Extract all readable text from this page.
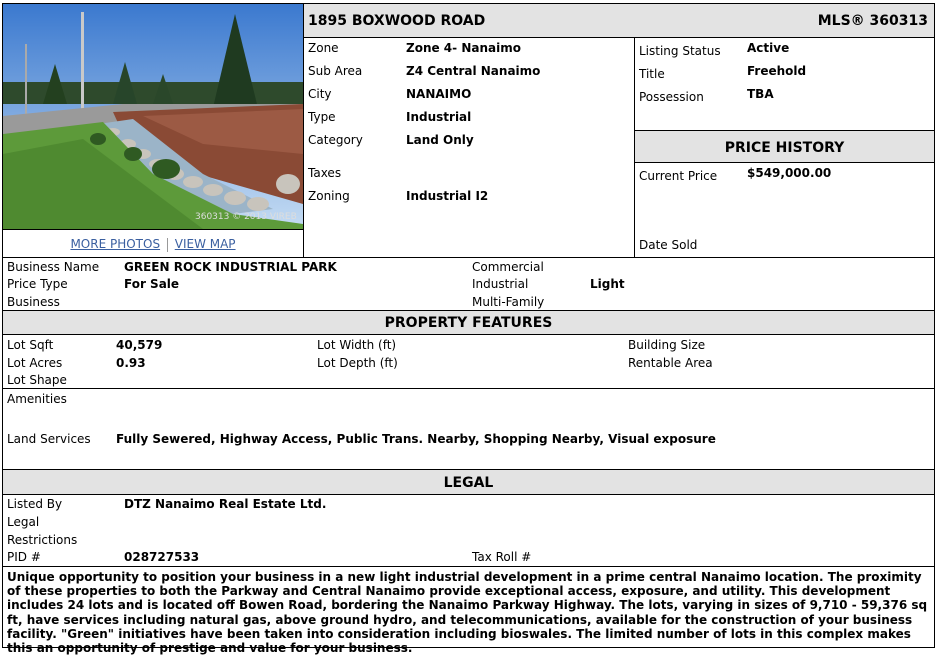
360313 © 2013 VIREB
MORE PHOTOS VIEW MAP
1895 BOXWOOD ROAD	MLS® 360313
Zone	Zone 4- Nanaimo
Sub Area	Z4 Central Nanaimo
City	NANAIMO
Type	Industrial
Category	Land Only
Taxes
Zoning	Industrial I2
Listing Status Active
Title	Freehold
Possession	TBA
PRICE HISTORY
Current Price $549,000.00
Date Sold
Business Name GREEN ROCK INDUSTRIAL PARK
Price Type	For Sale
Business
Commercial
Industrial	Light
Multi-Family
PROPERTY FEATURES
Lot Sqft	40,579
Lot Acres	0.93
Lot Shape
Lot Width (ft)
Lot Depth (ft)
Building Size
Rentable Area
Amenities
Land Services Fully Sewered, Highway Access, Public Trans. Nearby, Shopping Nearby, Visual exposure
LEGAL
Listed By	DTZ Nanaimo Real Estate Ltd.
Legal
Restrictions
PID #	028727533	Tax Roll #
Unique opportunity to position your business in a new light industrial development in a prime central Nanaimo location. The proximity of these properties to both the Parkway and Central Nanaimo provide exceptional access, exposure, and utility. This development includes 24 lots and is located off Bowen Road, bordering the Nanaimo Parkway Highway. The lots, varying in sizes of 9,710 - 59,376 sq ft, have services including natural gas, above ground hydro, and telecommunications, available for the construction of your business facility. "Green" initiatives have been taken into consideration including bioswales. The limited number of lots in this complex makes this an opportunity of prestige and value for your business.
